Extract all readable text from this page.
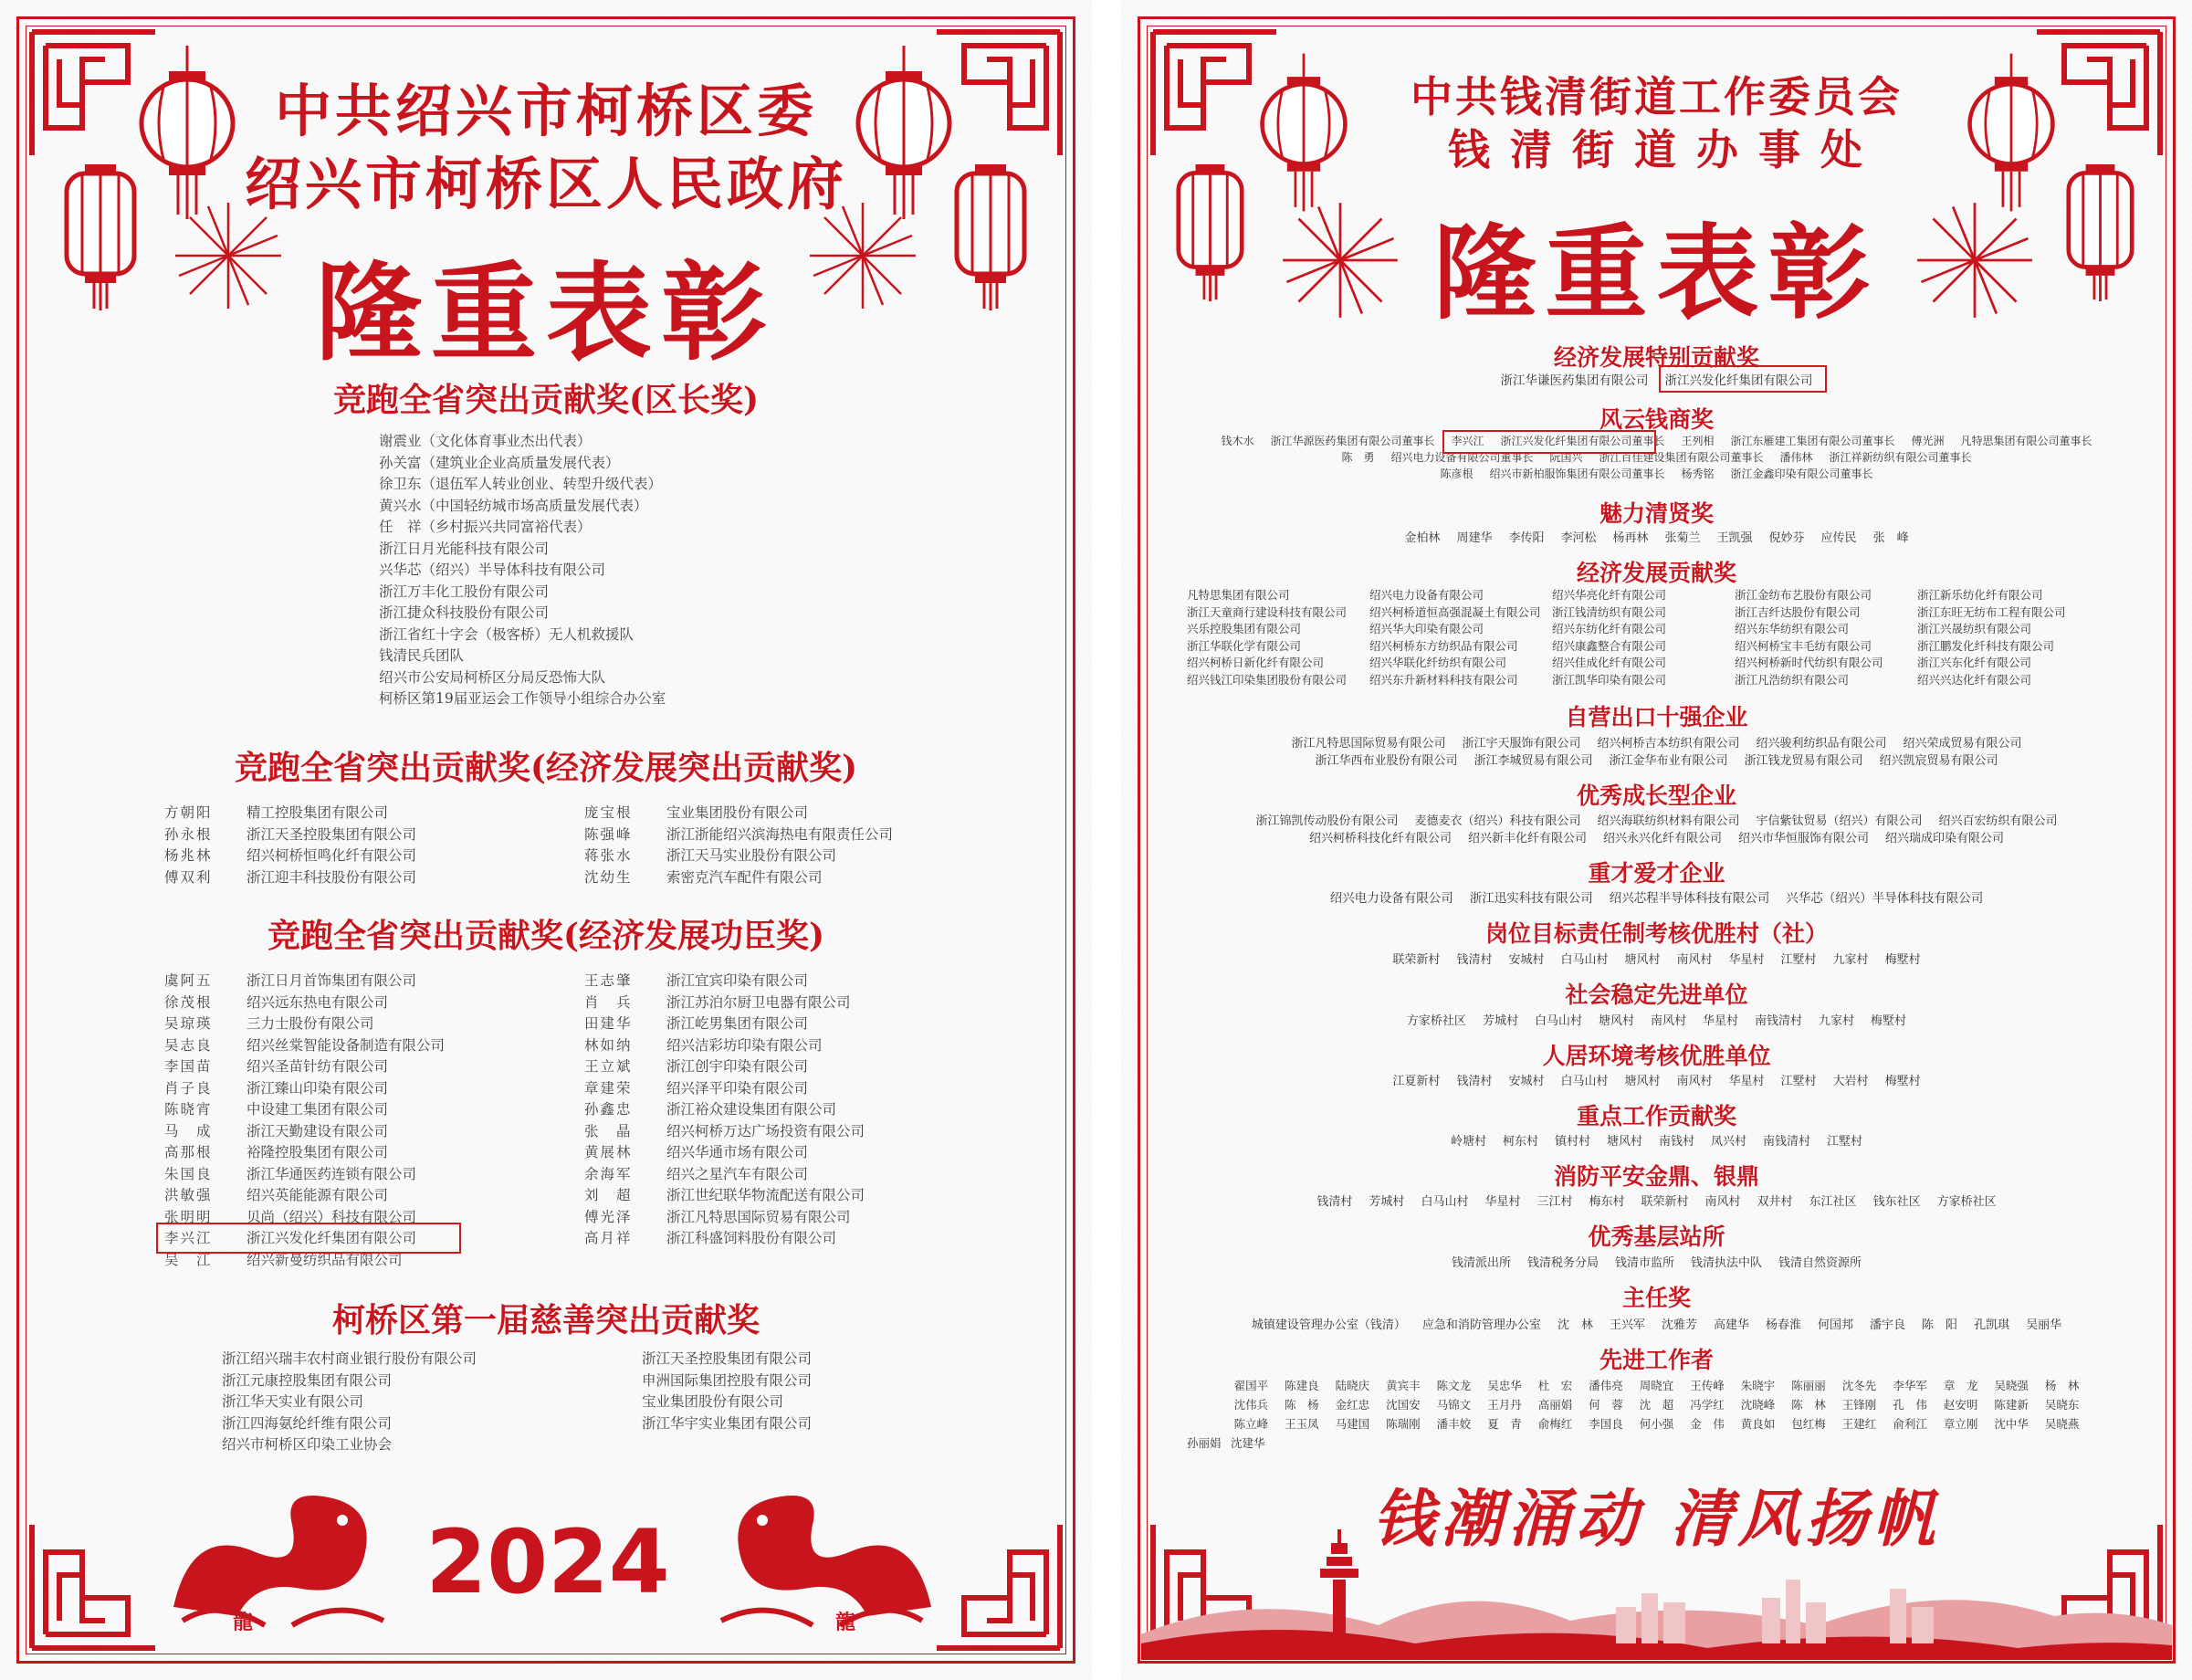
中共绍兴市柯桥区委
绍兴市柯桥区人民政府
隆重表彰
竞跑全省突出贡献奖(区长奖)
谢震业（文化体育事业杰出代表）
孙关富（建筑业企业高质量发展代表）
徐卫东（退伍军人转业创业、转型升级代表）
黄兴水（中国轻纺城市场高质量发展代表）
任　祥（乡村振兴共同富裕代表）
浙江日月光能科技有限公司
兴华芯（绍兴）半导体科技有限公司
浙江万丰化工股份有限公司
浙江捷众科技股份有限公司
浙江省红十字会（极客桥）无人机救援队
钱清民兵团队
绍兴市公安局柯桥区分局反恐怖大队
柯桥区第19届亚运会工作领导小组综合办公室
竞跑全省突出贡献奖(经济发展突出贡献奖)
方朝阳 精工控股集团有限公司
孙永根 浙江天圣控股集团有限公司
杨兆林 绍兴柯桥恒鸣化纤有限公司
傅双利 浙江迎丰科技股份有限公司
庞宝根 宝业集团股份有限公司
陈强峰 浙江浙能绍兴滨海热电有限责任公司
蒋张水 浙江天马实业股份有限公司
沈幼生 索密克汽车配件有限公司
竞跑全省突出贡献奖(经济发展功臣奖)
虞阿五 浙江日月首饰集团有限公司
徐茂根 绍兴远东热电有限公司
吴琼瑛 三力士股份有限公司
吴志良 绍兴丝棠智能设备制造有限公司
李国苗 绍兴圣苗针纺有限公司
肖子良 浙江臻山印染有限公司
陈晓宵 中设建工集团有限公司
马　成 浙江天勤建设有限公司
高那根 裕隆控股集团有限公司
朱国良 浙江华通医药连锁有限公司
洪敏强 绍兴英能能源有限公司
张明明 贝尚（绍兴）科技有限公司
李兴江 浙江兴发化纤集团有限公司
吴　江 绍兴新曼纺织品有限公司
王志肇 浙江宜宾印染有限公司
肖　兵 浙江苏泊尔厨卫电器有限公司
田建华 浙江屹男集团有限公司
林如纳 绍兴洁彩坊印染有限公司
王立斌 浙江创宇印染有限公司
章建荣 绍兴泽平印染有限公司
孙鑫忠 浙江裕众建设集团有限公司
张　晶 绍兴柯桥万达广场投资有限公司
黄展林 绍兴华通市场有限公司
余海军 绍兴之星汽车有限公司
刘　超 浙江世纪联华物流配送有限公司
傅光泽 浙江凡特思国际贸易有限公司
高月祥 浙江科盛饲料股份有限公司
柯桥区第一届慈善突出贡献奖
浙江绍兴瑞丰农村商业银行股份有限公司
浙江元康控股集团有限公司
浙江华天实业有限公司
浙江四海氨纶纤维有限公司
绍兴市柯桥区印染工业协会
浙江天圣控股集团有限公司
申洲国际集团控股有限公司
宝业集团股份有限公司
浙江华宇实业集团有限公司
龍	龍
2024
中共钱清街道工作委员会
钱 清 街 道 办 事 处
隆重表彰
经济发展特别贡献奖
浙江华谦医药集团有限公司 浙江兴发化纤集团有限公司
风云钱商奖
钱木水 浙江华源医药集团有限公司董事长 李兴江 浙江兴发化纤集团有限公司董事长 王列相 浙江东雁建工集团有限公司董事长 傅光洲 凡特思集团有限公司董事长
陈　勇 绍兴电力设备有限公司董事长 阮国兴 浙江百佳建设集团有限公司董事长 潘伟林 浙江祥新纺织有限公司董事长
陈彦根 绍兴市新柏服饰集团有限公司董事长 杨秀铭 浙江金鑫印染有限公司董事长
魅力清贤奖
金柏林 周建华 李传阳 李河松 杨再林 张菊兰 王凯强 倪妙芬 应传民 张　峰
经济发展贡献奖
凡特思集团有限公司
浙江天童商行建设科技有限公司
兴乐控股集团有限公司
浙江华联化学有限公司
绍兴柯桥日新化纤有限公司
绍兴钱江印染集团股份有限公司
绍兴电力设备有限公司
绍兴柯桥道恒高强混凝土有限公司
绍兴华大印染有限公司
绍兴柯桥东方纺织品有限公司
绍兴华联化纤纺织有限公司
绍兴东升新材料科技有限公司
绍兴华亮化纤有限公司
浙江钱清纺织有限公司
绍兴东纺化纤有限公司
绍兴康鑫整合有限公司
绍兴佳成化纤有限公司
浙江凯华印染有限公司
浙江金纺布艺股份有限公司
浙江吉纤达股份有限公司
绍兴东华纺织有限公司
绍兴柯桥宝丰毛纺有限公司
绍兴柯桥新时代纺织有限公司
浙江凡浩纺织有限公司
浙江新乐纺化纤有限公司
浙江东旺无纺布工程有限公司
浙江兴晟纺织有限公司
浙江鹏发化纤科技有限公司
浙江兴东化纤有限公司
绍兴兴达化纤有限公司
自营出口十强企业
浙江凡特思国际贸易有限公司 浙江宇天服饰有限公司 绍兴柯桥吉本纺织有限公司 绍兴骏利纺织品有限公司 绍兴荣成贸易有限公司
浙江华西布业股份有限公司 浙江李城贸易有限公司 浙江金华布业有限公司 浙江钱龙贸易有限公司 绍兴凯宸贸易有限公司
优秀成长型企业
浙江锦凯传动股份有限公司 麦德麦衣（绍兴）科技有限公司 绍兴海联纺织材料有限公司 宇信紫钛贸易（绍兴）有限公司 绍兴百宏纺织有限公司
绍兴柯桥科技化纤有限公司 绍兴新丰化纤有限公司 绍兴永兴化纤有限公司 绍兴市华恒服饰有限公司 绍兴瑞成印染有限公司
重才爱才企业
绍兴电力设备有限公司 浙江迅实科技有限公司 绍兴芯程半导体科技有限公司 兴华芯（绍兴）半导体科技有限公司
岗位目标责任制考核优胜村（社）
联荣新村 钱清村 安城村 白马山村 塘风村 南风村 华星村 江墅村 九家村 梅墅村
社会稳定先进单位
方家桥社区 芳城村 白马山村 塘风村 南风村 华星村 南钱清村 九家村 梅墅村
人居环境考核优胜单位
江夏新村 钱清村 安城村 白马山村 塘风村 南风村 华星村 江墅村 大岩村 梅墅村
重点工作贡献奖
岭塘村 柯东村 镇村村 塘风村 南钱村 凤兴村 南钱清村 江墅村
消防平安金鼎、银鼎
钱清村 芳城村 白马山村 华星村 三江村 梅东村 联荣新村 南风村 双井村 东江社区 钱东社区 方家桥社区
优秀基层站所
钱清派出所 钱清税务分局 钱清市监所 钱清执法中队 钱清自然资源所
主任奖
城镇建设管理办公室（钱清） 应急和消防管理办公室 沈　林 王兴军 沈雅芳 高建华 杨春淮 何国邦 潘宇良 陈　阳 孔凯琪 吴丽华
先进工作者
翟国平 陈建良 陆晓庆 黄宾丰 陈文龙 吴忠华 杜　宏 潘伟亮 周晓宜 王传峰 朱晓宇 陈丽丽 沈冬先 李华军 章　龙 吴晓强 杨　林
沈伟兵 陈　杨 金红忠 沈国安 马锦文 王月丹 高丽娟 何　蓉 沈　超 冯学红 沈晓峰 陈　林 王锋刚 孔　伟 赵安明 陈建新 吴晓东
陈立峰 王玉凤 马建国 陈瑞刚 潘丰姣 夏　青 俞梅红 李国良 何小强 金　伟 黄良如 包红梅 王建红 俞利江 章立刚 沈中华 吴晓燕
孙丽娟 沈建华
钱潮涌动 清风扬帆
